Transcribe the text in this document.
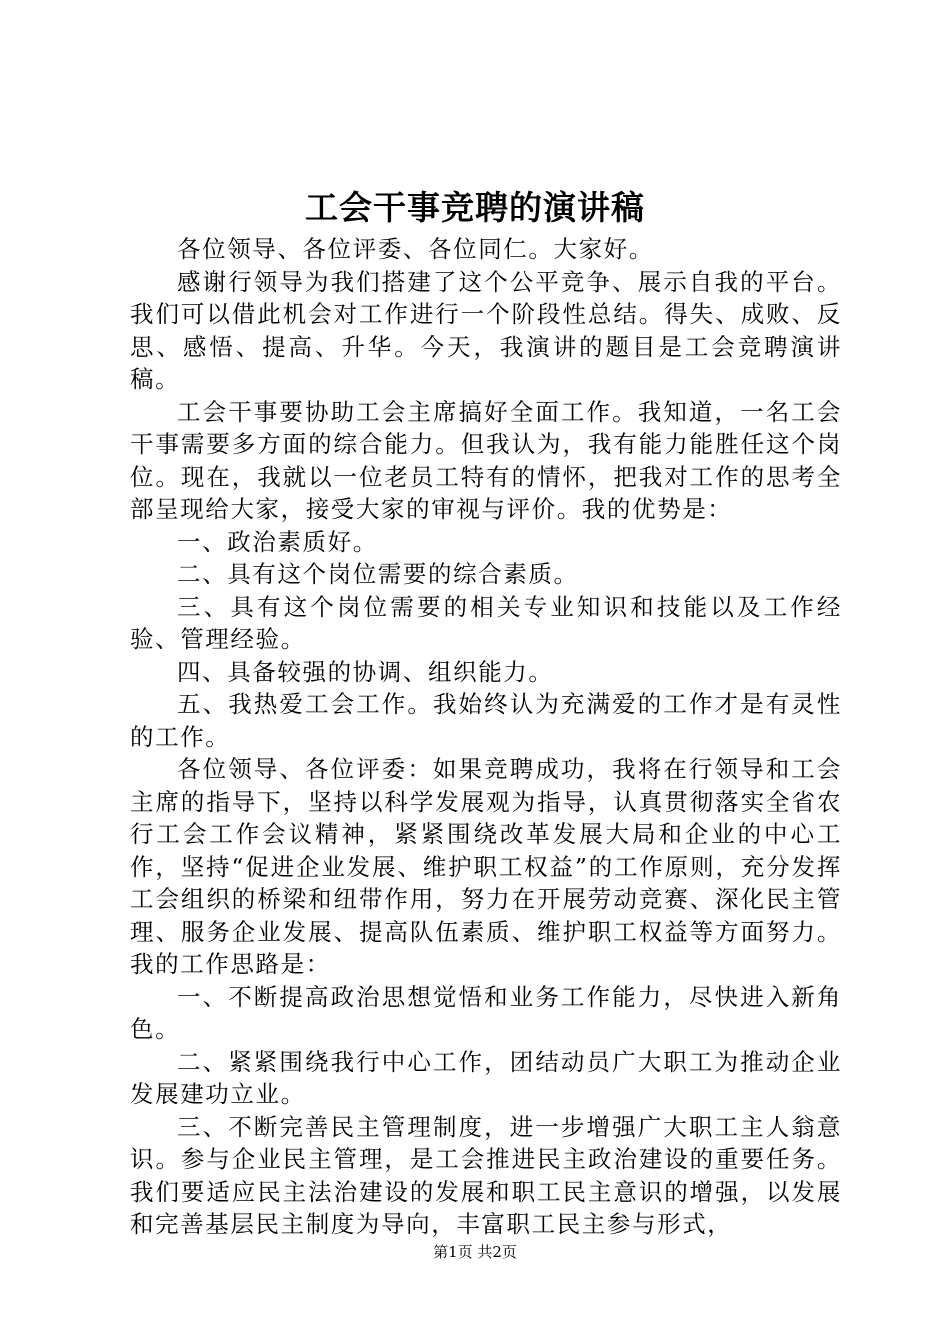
工会干事竞聘的演讲稿

各位领导、各位评委、各位同仁。大家好。

感谢行领导为我们搭建了这个公平竞争、展示自我的平台。我们可以借此机会对工作进行一个阶段性总结。得失、成败、反思、感悟、提高、升华。今天，我演讲的题目是工会竞聘演讲稿。

工会干事要协助工会主席搞好全面工作。我知道，一名工会干事需要多方面的综合能力。但我认为，我有能力能胜任这个岗位。现在，我就以一位老员工特有的情怀，把我对工作的思考全部呈现给大家，接受大家的审视与评价。我的优势是：

一、政治素质好。

二、具有这个岗位需要的综合素质。

三、具有这个岗位需要的相关专业知识和技能以及工作经验、管理经验。

四、具备较强的协调、组织能力。

五、我热爱工会工作。我始终认为充满爱的工作才是有灵性的工作。

各位领导、各位评委：如果竞聘成功，我将在行领导和工会主席的指导下，坚持以科学发展观为指导，认真贯彻落实全省农行工会工作会议精神，紧紧围绕改革发展大局和企业的中心工作，坚持“促进企业发展、维护职工权益”的工作原则，充分发挥工会组织的桥梁和纽带作用，努力在开展劳动竞赛、深化民主管理、服务企业发展、提高队伍素质、维护职工权益等方面努力。我的工作思路是：

一、不断提高政治思想觉悟和业务工作能力，尽快进入新角色。

二、紧紧围绕我行中心工作，团结动员广大职工为推动企业发展建功立业。

三、不断完善民主管理制度，进一步增强广大职工主人翁意识。参与企业民主管理，是工会推进民主政治建设的重要任务。我们要适应民主法治建设的发展和职工民主意识的增强，以发展和完善基层民主制度为导向，丰富职工民主参与形式，

第1页 共2页
